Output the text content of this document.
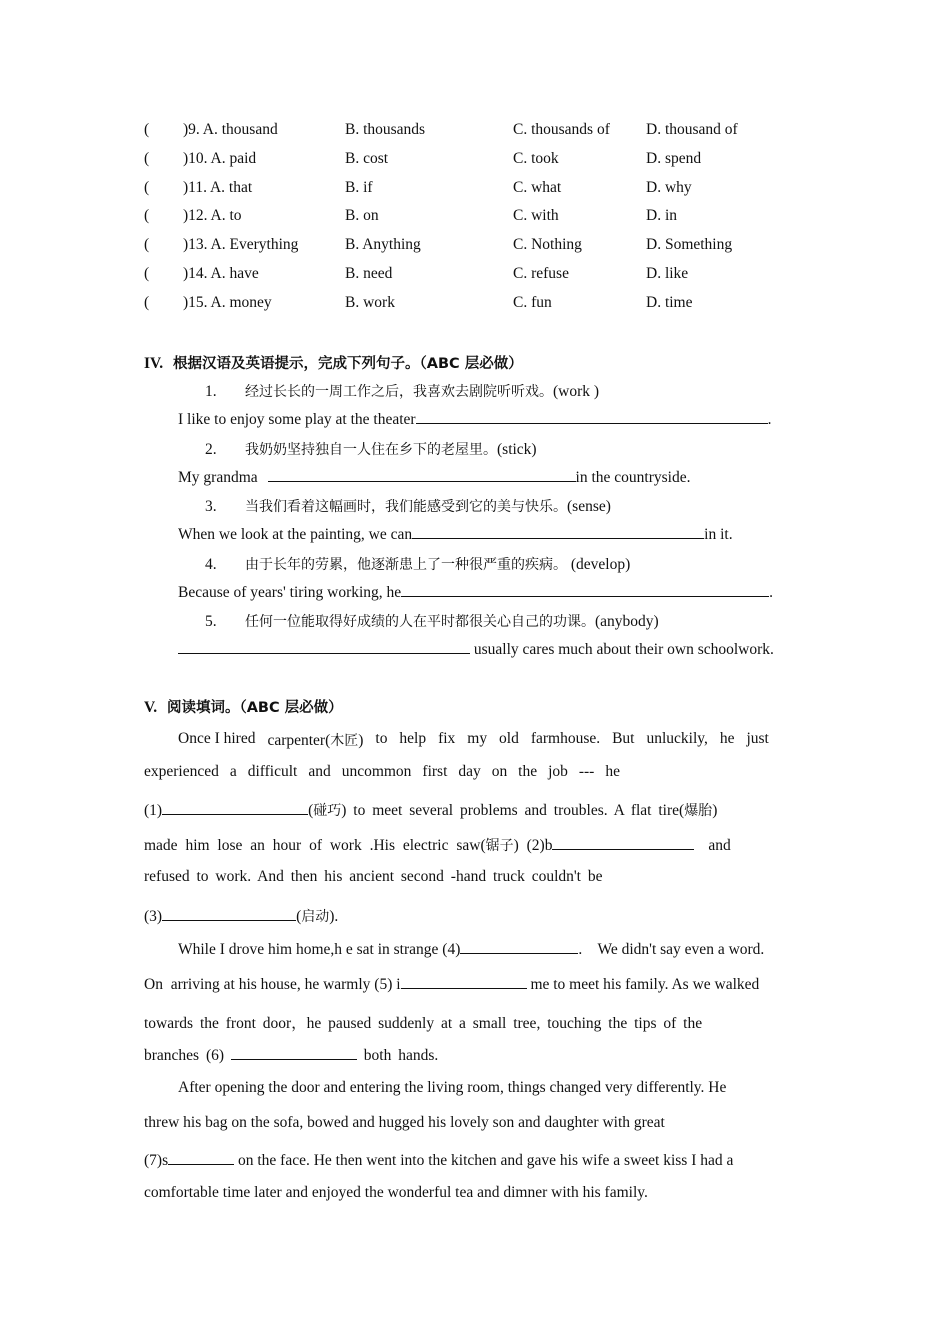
( )9. A. thousand	B. thousands	C. thousands of D. thousand of
( )10. A. paid	B. cost	C. took	D. spend
( )11. A. that	B. if	C. what	D. why
( )12. A. to	B. on	C. with	D. in
( )13. A. Everything	B. Anything	C. Nothing	D. Something
( )14. A. have	B. need	C. refuse	D. like
( )15. A. money	B. work	C. fun	D. time
IV. 根据汉语及英语提示，完成下列句子。（ABC 层必做）
1. 经过长长的一周工作之后，我喜欢去剧院听听戏。(work )
I like to enjoy some play at the theater	.
2. 我奶奶坚持独自一人住在乡下的老屋里。(stick)
My grandma	in the countryside.
3. 当我们看着这幅画时，我们能感受到它的美与快乐。(sense)
When we look at the painting, we can	in it.
4. 由于长年的劳累，他逐渐患上了一种很严重的疾病。 (develop)
Because of years' tiring working, he	.
5. 任何一位能取得好成绩的人在平时都很关心自己的功课。(anybody)
usually cares much about their own schoolwork.
V. 阅读填词。（ABC 层必做）
Once I hired carpenter(木匠) to help fix my old farmhouse. But unluckily, he just
experienced a difficult and uncommon first day on the job --- he
(1)	(碰巧) to meet several problems and troubles. A flat tire(爆胎)
made him lose an hour of work .His electric saw(锯子) (2)b	and
refused to work. And then his ancient second -hand truck couldn't be
(3)	(启动).
While I drove him home,h e sat in strange (4)	.    We didn't say even a word.
On  arriving at his house, he warmly (5) i	me to meet his family. As we walked
towards the front door，he paused suddenly at a small tree, touching the tips of the
branches (6)	both hands.
After opening the door and entering the living room, things changed very differently. He
threw his bag on the sofa, bowed and hugged his lovely son and daughter with great
(7)s	on the face. He then went into the kitchen and gave his wife a sweet kiss I had a
comfortable time later and enjoyed the wonderful tea and dimner with his family.
